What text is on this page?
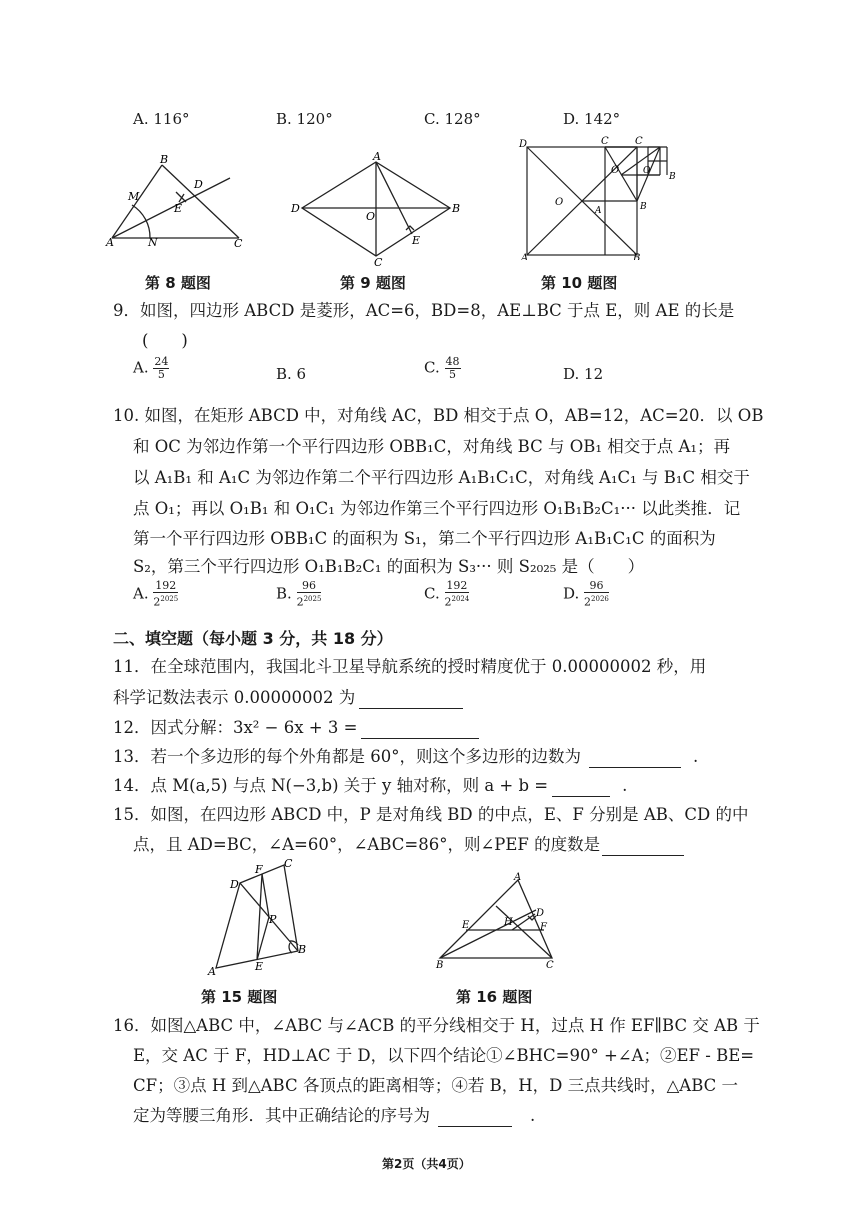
A. 116°	B. 120°	C. 128°	D. 142°
B
M
D
E
A	N	C
第 8 题图
A
D
O
B
E
C
第 9 题图
D	C	C
O	O
B
A
O	B
A	B
第 10 题图
9．如图，四边形 ABCD 是菱形，AC=6，BD=8，AE⊥BC 于点 E，则 AE 的长是
(　　)
A. $\frac{24}{5}$	B. 6	C. $\frac{48}{5}$	D. 12
10. 如图，在矩形 ABCD 中，对角线 AC，BD 相交于点 O，AB=12，AC=20．以 OB
和 OC 为邻边作第一个平行四边形 OBB₁C，对角线 BC 与 OB₁ 相交于点 A₁；再
以 A₁B₁ 和 A₁C 为邻边作第二个平行四边形 A₁B₁C₁C，对角线 A₁C₁ 与 B₁C 相交于
点 O₁；再以 O₁B₁ 和 O₁C₁ 为邻边作第三个平行四边形 O₁B₁B₂C₁··· 以此类推．记
第一个平行四边形 OBB₁C 的面积为 S₁，第二个平行四边形 A₁B₁C₁C 的面积为
S₂，第三个平行四边形 O₁B₁B₂C₁ 的面积为 S₃··· 则 S₂₀₂₅ 是（　　）
A. $\frac{192}{2^{2025}}$	B. $\frac{96}{2^{2025}}$	C. $\frac{192}{2^{2024}}$	D. $\frac{96}{2^{2026}}$
二、填空题（每小题 3 分，共 18 分）
11．在全球范围内，我国北斗卫星导航系统的授时精度优于 0.00000002 秒，用
科学记数法表示 0.00000002 为
12．因式分解：3x² − 6x + 3 =
13．若一个多边形的每个外角都是 60°，则这个多边形的边数为	.
14．点 M(a,5) 与点 N(−3,b) 关于 y 轴对称，则 a + b =	.
15．如图，在四边形 ABCD 中，P 是对角线 BD 的中点，E、F 分别是 AB、CD 的中
点，且 AD=BC，∠A=60°，∠ABC=86°，则∠PEF 的度数是
F C
D
P
B
A	E
第 15 题图
A
D
H
E	F
B	C
第 16 题图
16．如图△ABC 中，∠ABC 与∠ACB 的平分线相交于 H，过点 H 作 EF∥BC 交 AB 于
E，交 AC 于 F，HD⊥AC 于 D，以下四个结论①∠BHC=90° +∠A；②EF - BE=
CF；③点 H 到△ABC 各顶点的距离相等；④若 B，H，D 三点共线时，△ABC 一
定为等腰三角形．其中正确结论的序号为	.
第2页（共4页）
